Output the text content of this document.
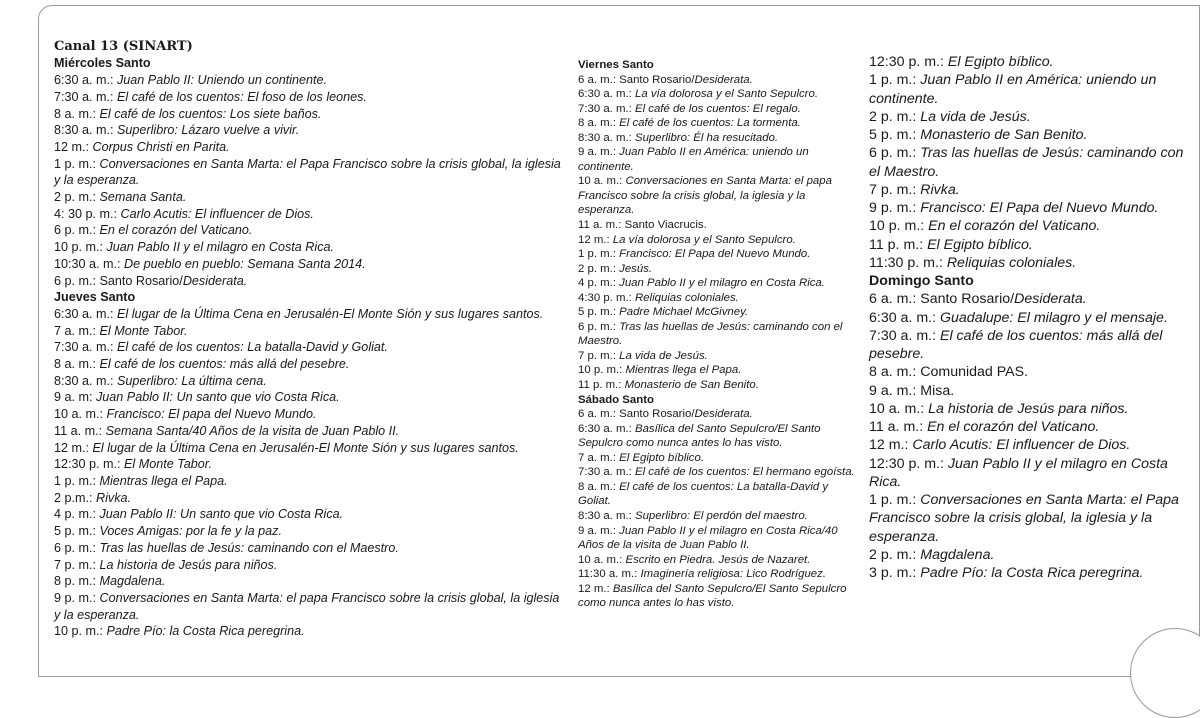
Canal 13 (SINART)
Miércoles Santo
6:30 a. m.: Juan Pablo II: Uniendo un continente.
7:30 a. m.: El café de los cuentos: El foso de los leones.
8 a. m.: El café de los cuentos: Los siete baños.
8:30 a. m.: Superlibro: Lázaro vuelve a vivir.
12 m.: Corpus Christi en Parita.
1 p. m.: Conversaciones en Santa Marta: el Papa Francisco sobre la crisis global, la iglesia y la esperanza.
2 p. m.: Semana Santa.
4: 30 p. m.: Carlo Acutis: El influencer de Dios.
6 p. m.: En el corazón del Vaticano.
10 p. m.: Juan Pablo II y el milagro en Costa Rica.
10:30 a. m.: De pueblo en pueblo: Semana Santa 2014.
6 p. m.: Santo Rosario/Desiderata.
Jueves Santo
6:30 a. m.: El lugar de la Última Cena en Jerusalén-El Monte Sión y sus lugares santos.
7 a. m.: El Monte Tabor.
7:30 a. m.: El café de los cuentos: La batalla-David y Goliat.
8 a. m.: El café de los cuentos: más allá del pesebre.
8:30 a. m.: Superlibro: La última cena.
9 a. m: Juan Pablo II: Un santo que vio Costa Rica.
10 a. m.: Francisco: El papa del Nuevo Mundo.
11 a. m.: Semana Santa/40 Años de la visita de Juan Pablo II.
12 m.: El lugar de la Última Cena en Jerusalén-El Monte Sión y sus lugares santos.
12:30 p. m.: El Monte Tabor.
1 p. m.: Mientras llega el Papa.
2 p.m.: Rivka.
4 p. m.: Juan Pablo II: Un santo que vio Costa Rica.
5 p. m.: Voces Amigas: por la fe y la paz.
6 p. m.: Tras las huellas de Jesús: caminando con el Maestro.
7 p. m.: La historia de Jesús para niños.
8 p. m.: Magdalena.
9 p. m.: Conversaciones en Santa Marta: el papa Francisco sobre la crisis global, la iglesia y la esperanza.
10 p. m.: Padre Pío: la Costa Rica peregrina.
Viernes Santo
6 a. m.: Santo Rosario/Desiderata.
6:30 a. m.: La vía dolorosa y el Santo Sepulcro.
7:30 a. m.: El café de los cuentos: El regalo.
8 a. m.: El café de los cuentos: La tormenta.
8:30 a. m.: Superlibro: Él ha resucitado.
9 a. m.: Juan Pablo II en América: uniendo un continente.
10 a. m.: Conversaciones en Santa Marta: el papa Francisco sobre la crisis global, la iglesia y la esperanza.
11 a. m.: Santo Viacrucis.
12 m.: La vía dolorosa y el Santo Sepulcro.
1 p. m.: Francisco: El Papa del Nuevo Mundo.
2 p. m.: Jesús.
4 p. m.: Juan Pablo II y el milagro en Costa Rica.
4:30 p. m.: Reliquias coloniales.
5 p. m.: Padre Michael McGivney.
6 p. m.: Tras las huellas de Jesús: caminando con el Maestro.
7 p. m.: La vida de Jesús.
10 p. m.: Mientras llega el Papa.
11 p. m.: Monasterio de San Benito.
Sábado Santo
6 a. m.: Santo Rosario/Desiderata.
6:30 a. m.: Basílica del Santo Sepulcro/El Santo Sepulcro como nunca antes lo has visto.
7 a. m.: El Egipto bíblico.
7:30 a. m.: El café de los cuentos: El hermano egoísta.
8 a. m.: El café de los cuentos: La batalla-David y Goliat.
8:30 a. m.: Superlibro: El perdón del maestro.
9 a. m.: Juan Pablo II y el milagro en Costa Rica/40 Años de la visita de Juan Pablo II.
10 a. m.: Escrito en Piedra. Jesús de Nazaret.
11:30 a. m.: Imaginería religiosa: Lico Rodríguez.
12 m.: Basílica del Santo Sepulcro/El Santo Sepulcro como nunca antes lo has visto.
12:30 p. m.: El Egipto bíblico.
1 p. m.: Juan Pablo II en América: uniendo un continente.
2 p. m.: La vida de Jesús.
5 p. m.: Monasterio de San Benito.
6 p. m.: Tras las huellas de Jesús: caminando con el Maestro.
7 p. m.: Rivka.
9 p. m.: Francisco: El Papa del Nuevo Mundo.
10 p. m.: En el corazón del Vaticano.
11 p. m.: El Egipto bíblico.
11:30 p. m.: Reliquias coloniales.
Domingo Santo
6 a. m.: Santo Rosario/Desiderata.
6:30 a. m.: Guadalupe: El milagro y el mensaje.
7:30 a. m.: El café de los cuentos: más allá del pesebre.
8 a. m.: Comunidad PAS.
9 a. m.: Misa.
10 a. m.: La historia de Jesús para niños.
11 a. m.: En el corazón del Vaticano.
12 m.: Carlo Acutis: El influencer de Dios.
12:30 p. m.: Juan Pablo II y el milagro en Costa Rica.
1 p. m.: Conversaciones en Santa Marta: el Papa Francisco sobre la crisis global, la iglesia y la esperanza.
2 p. m.: Magdalena.
3 p. m.: Padre Pío: la Costa Rica peregrina.
